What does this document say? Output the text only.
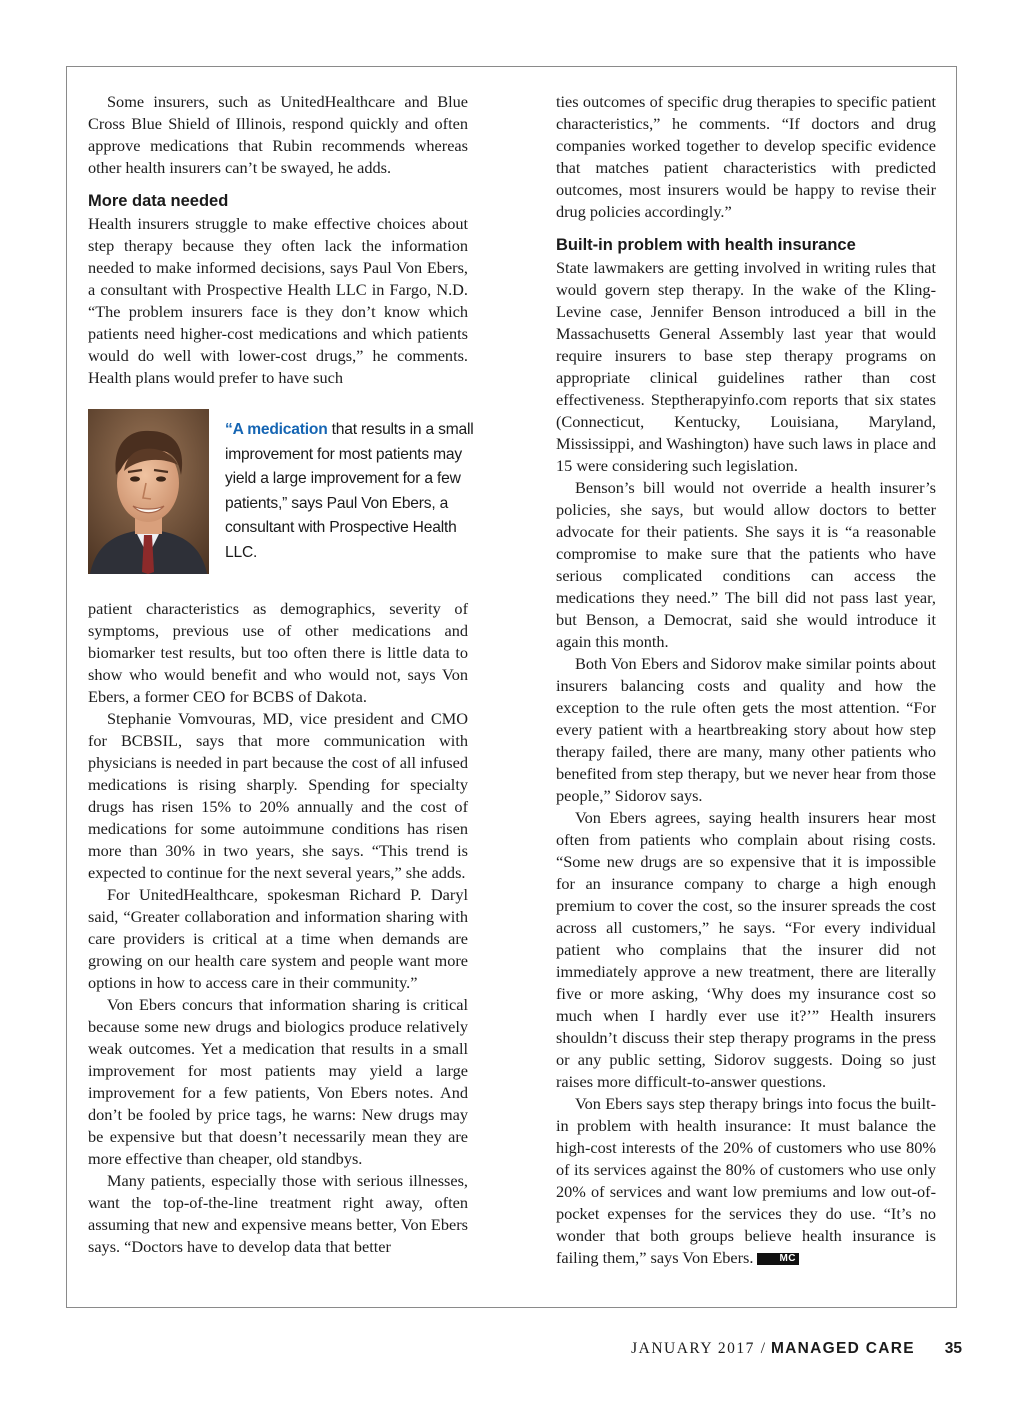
Some insurers, such as UnitedHealthcare and Blue Cross Blue Shield of Illinois, respond quickly and often approve medications that Rubin recommends whereas other health insurers can’t be swayed, he adds.

More data needed

Health insurers struggle to make effective choices about step therapy because they often lack the information needed to make informed decisions, says Paul Von Ebers, a consultant with Prospective Health LLC in Fargo, N.D. “The problem insurers face is they don’t know which patients need higher-cost medications and which patients would do well with lower-cost drugs,” he comments. Health plans would prefer to have such

“A medication that results in a small improvement for most patients may yield a large improvement for a few patients,” says Paul Von Ebers, a consultant with Prospective Health LLC.

patient characteristics as demographics, severity of symptoms, previous use of other medications and biomarker test results, but too often there is little data to show who would benefit and who would not, says Von Ebers, a former CEO for BCBS of Dakota.

Stephanie Vomvouras, MD, vice president and CMO for BCBSIL, says that more communication with physicians is needed in part because the cost of all infused medications is rising sharply. Spending for specialty drugs has risen 15% to 20% annually and the cost of medications for some autoimmune conditions has risen more than 30% in two years, she says. “This trend is expected to continue for the next several years,” she adds.

For UnitedHealthcare, spokesman Richard P. Daryl said, “Greater collaboration and information sharing with care providers is critical at a time when demands are growing on our health care system and people want more options in how to access care in their community.”

Von Ebers concurs that information sharing is critical because some new drugs and biologics produce relatively weak outcomes. Yet a medication that results in a small improvement for most patients may yield a large improvement for a few patients, Von Ebers notes. And don’t be fooled by price tags, he warns: New drugs may be expensive but that doesn’t necessarily mean they are more effective than cheaper, old standbys.

Many patients, especially those with serious illnesses, want the top-of-the-line treatment right away, often assuming that new and expensive means better, Von Ebers says. “Doctors have to develop data that better

ties outcomes of specific drug therapies to specific patient characteristics,” he comments. “If doctors and drug companies worked together to develop specific evidence that matches patient characteristics with predicted outcomes, most insurers would be happy to revise their drug policies accordingly.”

Built-in problem with health insurance

State lawmakers are getting involved in writing rules that would govern step therapy. In the wake of the Kling-Levine case, Jennifer Benson introduced a bill in the Massachusetts General Assembly last year that would require insurers to base step therapy programs on appropriate clinical guidelines rather than cost effectiveness. Steptherapyinfo.com reports that six states (Connecticut, Kentucky, Louisiana, Maryland, Mississippi, and Washington) have such laws in place and 15 were considering such legislation.

Benson’s bill would not override a health insurer’s policies, she says, but would allow doctors to better advocate for their patients. She says it is “a reasonable compromise to make sure that the patients who have serious complicated conditions can access the medications they need.” The bill did not pass last year, but Benson, a Democrat, said she would introduce it again this month.

Both Von Ebers and Sidorov make similar points about insurers balancing costs and quality and how the exception to the rule often gets the most attention. “For every patient with a heartbreaking story about how step therapy failed, there are many, many other patients who benefited from step therapy, but we never hear from those people,” Sidorov says.

Von Ebers agrees, saying health insurers hear most often from patients who complain about rising costs. “Some new drugs are so expensive that it is impossible for an insurance company to charge a high enough premium to cover the cost, so the insurer spreads the cost across all customers,” he says. “For every individual patient who complains that the insurer did not immediately approve a new treatment, there are literally five or more asking, ‘Why does my insurance cost so much when I hardly ever use it?’” Health insurers shouldn’t discuss their step therapy programs in the press or any public setting, Sidorov suggests. Doing so just raises more difficult-to-answer questions.

Von Ebers says step therapy brings into focus the built-in problem with health insurance: It must balance the high-cost interests of the 20% of customers who use 80% of its services against the 80% of customers who use only 20% of services and want low premiums and low out-of-pocket expenses for the services they do use. “It’s no wonder that both groups believe health insurance is failing them,” says Von Ebers.	MC

JANUARY 2017 / MANAGED CARE 35
